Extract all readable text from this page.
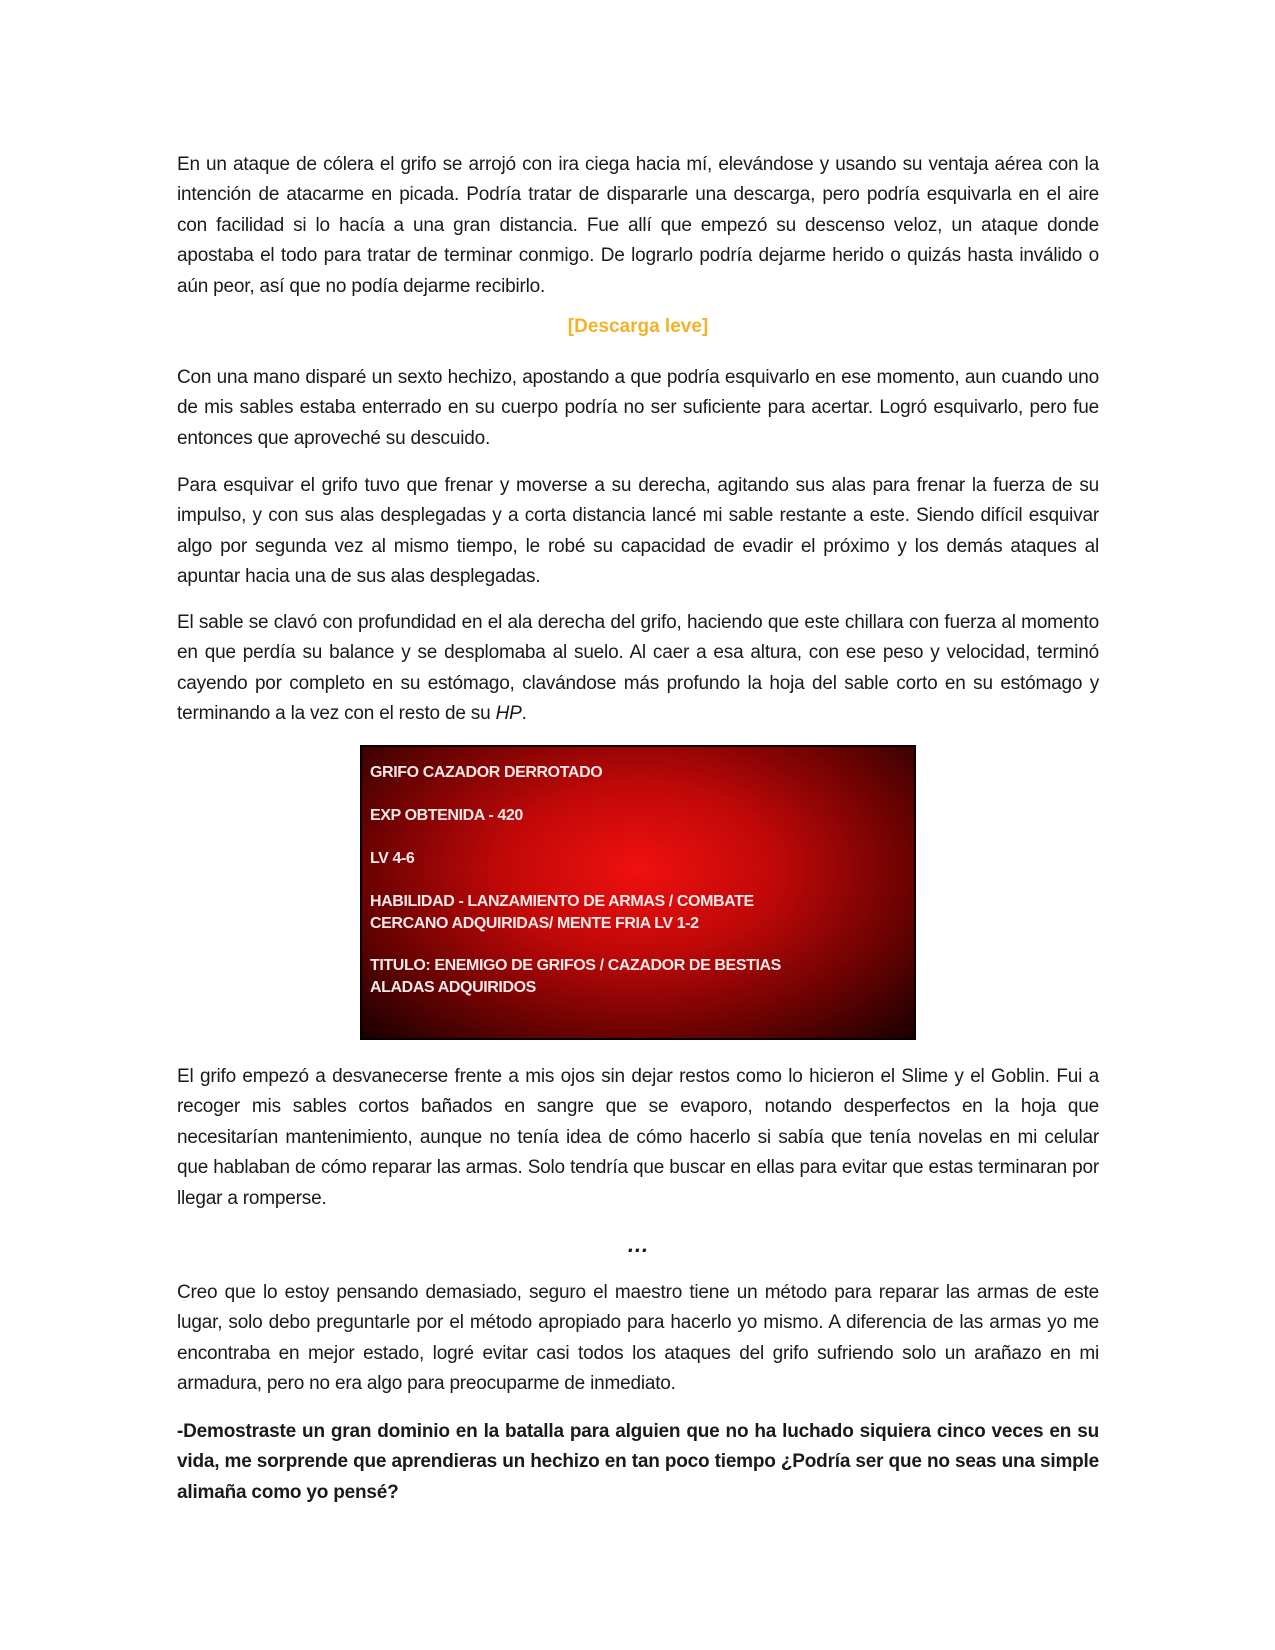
En un ataque de cólera el grifo se arrojó con ira ciega hacia mí, elevándose y usando su ventaja aérea con la intención de atacarme en picada. Podría tratar de dispararle una descarga, pero podría esquivarla en el aire con facilidad si lo hacía a una gran distancia. Fue allí que empezó su descenso veloz, un ataque donde apostaba el todo para tratar de terminar conmigo. De lograrlo podría dejarme herido o quizás hasta inválido o aún peor, así que no podía dejarme recibirlo.

[Descarga leve]

Con una mano disparé un sexto hechizo, apostando a que podría esquivarlo en ese momento, aun cuando uno de mis sables estaba enterrado en su cuerpo podría no ser suficiente para acertar. Logró esquivarlo, pero fue entonces que aproveché su descuido.

Para esquivar el grifo tuvo que frenar y moverse a su derecha, agitando sus alas para frenar la fuerza de su impulso, y con sus alas desplegadas y a corta distancia lancé mi sable restante a este. Siendo difícil esquivar algo por segunda vez al mismo tiempo, le robé su capacidad de evadir el próximo y los demás ataques al apuntar hacia una de sus alas desplegadas.

El sable se clavó con profundidad en el ala derecha del grifo, haciendo que este chillara con fuerza al momento en que perdía su balance y se desplomaba al suelo. Al caer a esa altura, con ese peso y velocidad, terminó cayendo por completo en su estómago, clavándose más profundo la hoja del sable corto en su estómago y terminando a la vez con el resto de su HP.

GRIFO CAZADOR DERROTADO
EXP OBTENIDA - 420
LV 4-6
HABILIDAD - LANZAMIENTO DE ARMAS / COMBATE
CERCANO ADQUIRIDAS/ MENTE FRIA LV 1-2
TITULO: ENEMIGO DE GRIFOS / CAZADOR DE BESTIAS
ALADAS ADQUIRIDOS

El grifo empezó a desvanecerse frente a mis ojos sin dejar restos como lo hicieron el Slime y el Goblin. Fui a recoger mis sables cortos bañados en sangre que se evaporo, notando desperfectos en la hoja que necesitarían mantenimiento, aunque no tenía idea de cómo hacerlo si sabía que tenía novelas en mi celular que hablaban de cómo reparar las armas. Solo tendría que buscar en ellas para evitar que estas terminaran por llegar a romperse.

…

Creo que lo estoy pensando demasiado, seguro el maestro tiene un método para reparar las armas de este lugar, solo debo preguntarle por el método apropiado para hacerlo yo mismo. A diferencia de las armas yo me encontraba en mejor estado, logré evitar casi todos los ataques del grifo sufriendo solo un arañazo en mi armadura, pero no era algo para preocuparme de inmediato.

-Demostraste un gran dominio en la batalla para alguien que no ha luchado siquiera cinco veces en su vida, me sorprende que aprendieras un hechizo en tan poco tiempo ¿Podría ser que no seas una simple alimaña como yo pensé?
